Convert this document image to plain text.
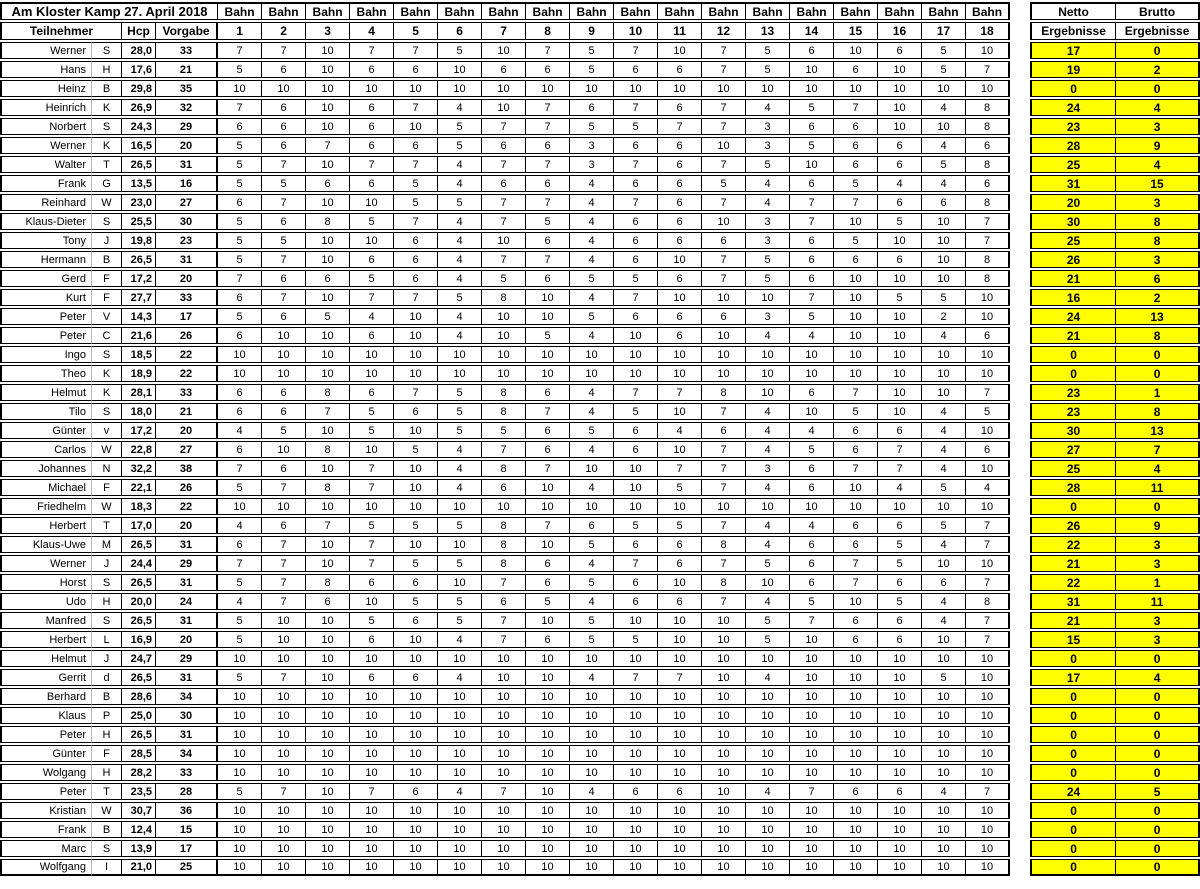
Am Kloster Kamp 27. April 2018				Bahn	Bahn	Bahn	Bahn	Bahn	Bahn	Bahn	Bahn	Bahn	Bahn	Bahn	Bahn	Bahn	Bahn	Bahn	Bahn	Bahn	Bahn		Netto	Brutto
Teilnehmer		Hcp	Vorgabe	1	2	3	4	5	6	7	8	9	10	11	12	13	14	15	16	17	18		Ergebnisse	Ergebnisse
Werner	S	28,0	33	7	7	10	7	7	5	10	7	5	7	10	7	5	6	10	6	5	10		17	0
Hans	H	17,6	21	5	6	10	6	6	10	6	6	5	6	6	7	5	10	6	10	5	7		19	2
Heinz	B	29,8	35	10	10	10	10	10	10	10	10	10	10	10	10	10	10	10	10	10	10		0	0
Heinrich	K	26,9	32	7	6	10	6	7	4	10	7	6	7	6	7	4	5	7	10	4	8		24	4
Norbert	S	24,3	29	6	6	10	6	10	5	7	7	5	5	7	7	3	6	6	10	10	8		23	3
Werner	K	16,5	20	5	6	7	6	6	5	6	6	3	6	6	10	3	5	6	6	4	6		28	9
Walter	T	26,5	31	5	7	10	7	7	4	7	7	3	7	6	7	5	10	6	6	5	8		25	4
Frank	G	13,5	16	5	5	6	6	5	4	6	6	4	6	6	5	4	6	5	4	4	6		31	15
Reinhard	W	23,0	27	6	7	10	10	5	5	7	7	4	7	6	7	4	7	7	6	6	8		20	3
Klaus-Dieter	S	25,5	30	5	6	8	5	7	4	7	5	4	6	6	10	3	7	10	5	10	7		30	8
Tony	J	19,8	23	5	5	10	10	6	4	10	6	4	6	6	6	3	6	5	10	10	7		25	8
Hermann	B	26,5	31	5	7	10	6	6	4	7	7	4	6	10	7	5	6	6	6	10	8		26	3
Gerd	F	17,2	20	7	6	6	5	6	4	5	6	5	5	6	7	5	6	10	10	10	8		21	6
Kurt	F	27,7	33	6	7	10	7	7	5	8	10	4	7	10	10	10	7	10	5	5	10		16	2
Peter	V	14,3	17	5	6	5	4	10	4	10	10	5	6	6	6	3	5	10	10	2	10		24	13
Peter	C	21,6	26	6	10	10	6	10	4	10	5	4	10	6	10	4	4	10	10	4	6		21	8
Ingo	S	18,5	22	10	10	10	10	10	10	10	10	10	10	10	10	10	10	10	10	10	10		0	0
Theo	K	18,9	22	10	10	10	10	10	10	10	10	10	10	10	10	10	10	10	10	10	10		0	0
Helmut	K	28,1	33	6	6	8	6	7	5	8	6	4	7	7	8	10	6	7	10	10	7		23	1
Tilo	S	18,0	21	6	6	7	5	6	5	8	7	4	5	10	7	4	10	5	10	4	5		23	8
Günter	v	17,2	20	4	5	10	5	10	5	5	6	5	6	4	6	4	4	6	6	4	10		30	13
Carlos	W	22,8	27	6	10	8	10	5	4	7	6	4	6	10	7	4	5	6	7	4	6		27	7
Johannes	N	32,2	38	7	6	10	7	10	4	8	7	10	10	7	7	3	6	7	7	4	10		25	4
Michael	F	22,1	26	5	7	8	7	10	4	6	10	4	10	5	7	4	6	10	4	5	4		28	11
Friedhelm	W	18,3	22	10	10	10	10	10	10	10	10	10	10	10	10	10	10	10	10	10	10		0	0
Herbert	T	17,0	20	4	6	7	5	5	5	8	7	6	5	5	7	4	4	6	6	5	7		26	9
Klaus-Uwe	M	26,5	31	6	7	10	7	10	10	8	10	5	6	6	8	4	6	6	5	4	7		22	3
Werner	J	24,4	29	7	7	10	7	5	5	8	6	4	7	6	7	5	6	7	5	10	10		21	3
Horst	S	26,5	31	5	7	8	6	6	10	7	6	5	6	10	8	10	6	7	6	6	7		22	1
Udo	H	20,0	24	4	7	6	10	5	5	6	5	4	6	6	7	4	5	10	5	4	8		31	11
Manfred	S	26,5	31	5	10	10	5	6	5	7	10	5	10	10	10	5	7	6	6	4	7		21	3
Herbert	L	16,9	20	5	10	10	6	10	4	7	6	5	5	10	10	5	10	6	6	10	7		15	3
Helmut	J	24,7	29	10	10	10	10	10	10	10	10	10	10	10	10	10	10	10	10	10	10		0	0
Gerrit	d	26,5	31	5	7	10	6	6	4	10	10	4	7	7	10	4	10	10	10	5	10		17	4
Berhard	B	28,6	34	10	10	10	10	10	10	10	10	10	10	10	10	10	10	10	10	10	10		0	0
Klaus	P	25,0	30	10	10	10	10	10	10	10	10	10	10	10	10	10	10	10	10	10	10		0	0
Peter	H	26,5	31	10	10	10	10	10	10	10	10	10	10	10	10	10	10	10	10	10	10		0	0
Günter	F	28,5	34	10	10	10	10	10	10	10	10	10	10	10	10	10	10	10	10	10	10		0	0
Wolgang	H	28,2	33	10	10	10	10	10	10	10	10	10	10	10	10	10	10	10	10	10	10		0	0
Peter	T	23,5	28	5	7	10	7	6	4	7	10	4	6	6	10	4	7	6	6	4	7		24	5
Kristian	W	30,7	36	10	10	10	10	10	10	10	10	10	10	10	10	10	10	10	10	10	10		0	0
Frank	B	12,4	15	10	10	10	10	10	10	10	10	10	10	10	10	10	10	10	10	10	10		0	0
Marc	S	13,9	17	10	10	10	10	10	10	10	10	10	10	10	10	10	10	10	10	10	10		0	0
Wolfgang	I	21,0	25	10	10	10	10	10	10	10	10	10	10	10	10	10	10	10	10	10	10		0	0
